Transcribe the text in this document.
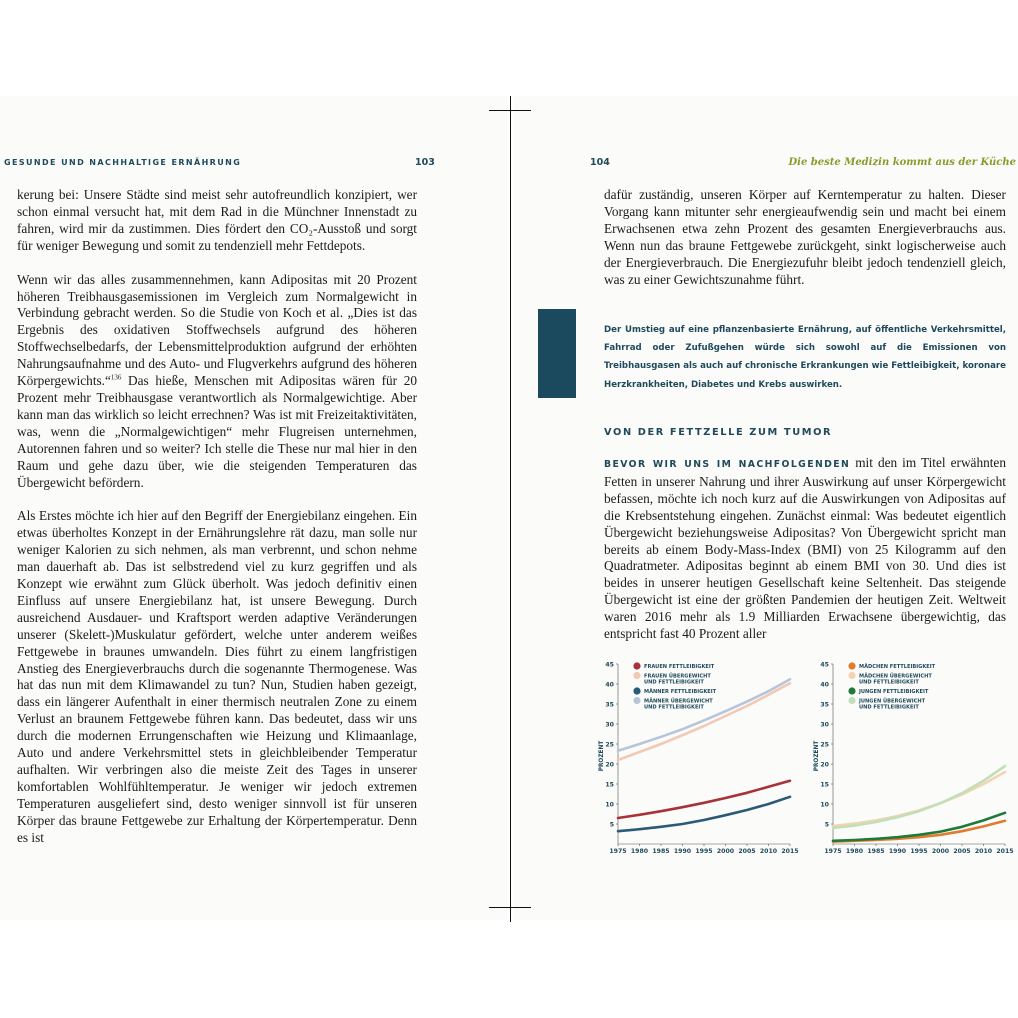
GESUNDE UND NACHHALTIGE ERNÄHRUNG	103

kerung bei: Unsere Städte sind meist sehr autofreundlich konzipiert, wer schon einmal versucht hat, mit dem Rad in die Münchner Innenstadt zu fahren, wird mir da zustimmen. Dies fördert den CO₂-Ausstoß und sorgt für weniger Bewegung und somit zu tendenziell mehr Fettdepots.

Wenn wir das alles zusammennehmen, kann Adipositas mit 20 Prozent höheren Treibhausgasemissionen im Vergleich zum Normalgewicht in Verbindung gebracht werden. So die Studie von Koch et al. „Dies ist das Ergebnis des oxidativen Stoffwechsels aufgrund des höheren Stoffwechselbedarfs, der Lebensmittelproduktion aufgrund der erhöhten Nahrungsaufnahme und des Auto- und Flugverkehrs aufgrund des höheren Körpergewichts.“$^{136}$ Das hieße, Menschen mit Adipositas wären für 20 Prozent mehr Treibhausgase verantwortlich als Normalgewichtige. Aber kann man das wirklich so leicht errechnen? Was ist mit Freizeitaktivitäten, was, wenn die „Normalgewichtigen“ mehr Flugreisen unternehmen, Autorennen fahren und so weiter? Ich stelle die These nur mal hier in den Raum und gehe dazu über, wie die steigenden Temperaturen das Übergewicht befördern.

Als Erstes möchte ich hier auf den Begriff der Energiebilanz eingehen. Ein etwas überholtes Konzept in der Ernährungslehre rät dazu, man solle nur weniger Kalorien zu sich nehmen, als man verbrennt, und schon nehme man dauerhaft ab. Das ist selbstredend viel zu kurz gegriffen und als Konzept wie erwähnt zum Glück überholt. Was jedoch definitiv einen Einfluss auf unsere Energiebilanz hat, ist unsere Bewegung. Durch ausreichend Ausdauer- und Kraftsport werden adaptive Veränderungen unserer (Skelett-)Muskulatur gefördert, welche unter anderem weißes Fettgewebe in braunes umwandeln. Dies führt zu einem langfristigen Anstieg des Energieverbrauchs durch die sogenannte Thermogenese. Was hat das nun mit dem Klimawandel zu tun? Nun, Studien haben gezeigt, dass ein längerer Aufenthalt in einer thermisch neutralen Zone zu einem Verlust an braunem Fettgewebe führen kann. Das bedeutet, dass wir uns durch die modernen Errungenschaften wie Heizung und Klimaanlage, Auto und andere Verkehrsmittel stets in gleichbleibender Temperatur aufhalten. Wir verbringen also die meiste Zeit des Tages in unserer komfortablen Wohlfühltemperatur. Je weniger wir jedoch extremen Temperaturen ausgeliefert sind, desto weniger sinnvoll ist für unseren Körper das braune Fettgewebe zur Erhaltung der Körpertemperatur. Denn es ist

104	Die beste Medizin kommt aus der Küche

dafür zuständig, unseren Körper auf Kerntemperatur zu halten. Dieser Vorgang kann mitunter sehr energieaufwendig sein und macht bei einem Erwachsenen etwa zehn Prozent des gesamten Energieverbrauchs aus. Wenn nun das braune Fettgewebe zurückgeht, sinkt logischerweise auch der Energieverbrauch. Die Energiezufuhr bleibt jedoch tendenziell gleich, was zu einer Gewichtszunahme führt.

Der Umstieg auf eine pflanzenbasierte Ernährung, auf öffentliche Verkehrsmittel, Fahrrad oder Zufußgehen würde sich sowohl auf die Emissionen von Treibhausgasen als auch auf chronische Erkrankungen wie Fettleibigkeit, koronare Herzkrankheiten, Diabetes und Krebs auswirken.
VON DER FETTZELLE ZUM TUMOR

BEVOR WIR UNS IM NACHFOLGENDEN mit den im Titel erwähnten Fetten in unserer Nahrung und ihrer Auswirkung auf unser Körpergewicht befassen, möchte ich noch kurz auf die Auswirkungen von Adipositas auf die Krebsentstehung eingehen. Zunächst einmal: Was bedeutet eigentlich Übergewicht beziehungsweise Adipositas? Von Übergewicht spricht man bereits ab einem Body-Mass-Index (BMI) von 25 Kilogramm auf den Quadratmeter. Adipositas beginnt ab einem BMI von 30. Und dies ist beides in unserer heutigen Gesellschaft keine Seltenheit. Das steigende Übergewicht ist eine der größten Pandemien der heutigen Zeit. Weltweit waren 2016 mehr als 1.9 Milliarden Erwachsene übergewichtig, das entspricht fast 40 Prozent aller

5
10
15
20
25
30
35
40
45
PROZENT
1975 1980 1985 1990 1995 2000 2005 2010 2015
FRAUEN FETTLEIBIGKEIT
FRAUEN ÜBERGEWICHT UND FETTLEIBIGKEIT
MÄNNER FETTLEIBIGKEIT
MÄNNER ÜBERGEWICHT UND FETTLEIBIGKEIT
5
10
15
20
25
30
35
40
45
PROZENT
1975 1980 1985 1990 1995 2000 2005 2010 2015
MÄDCHEN FETTLEIBIGKEIT
MÄDCHEN ÜBERGEWICHT UND FETTLEIBIGKEIT
JUNGEN FETTLEIBIGKEIT
JUNGEN ÜBERGEWICHT UND FETTLEIBIGKEIT
